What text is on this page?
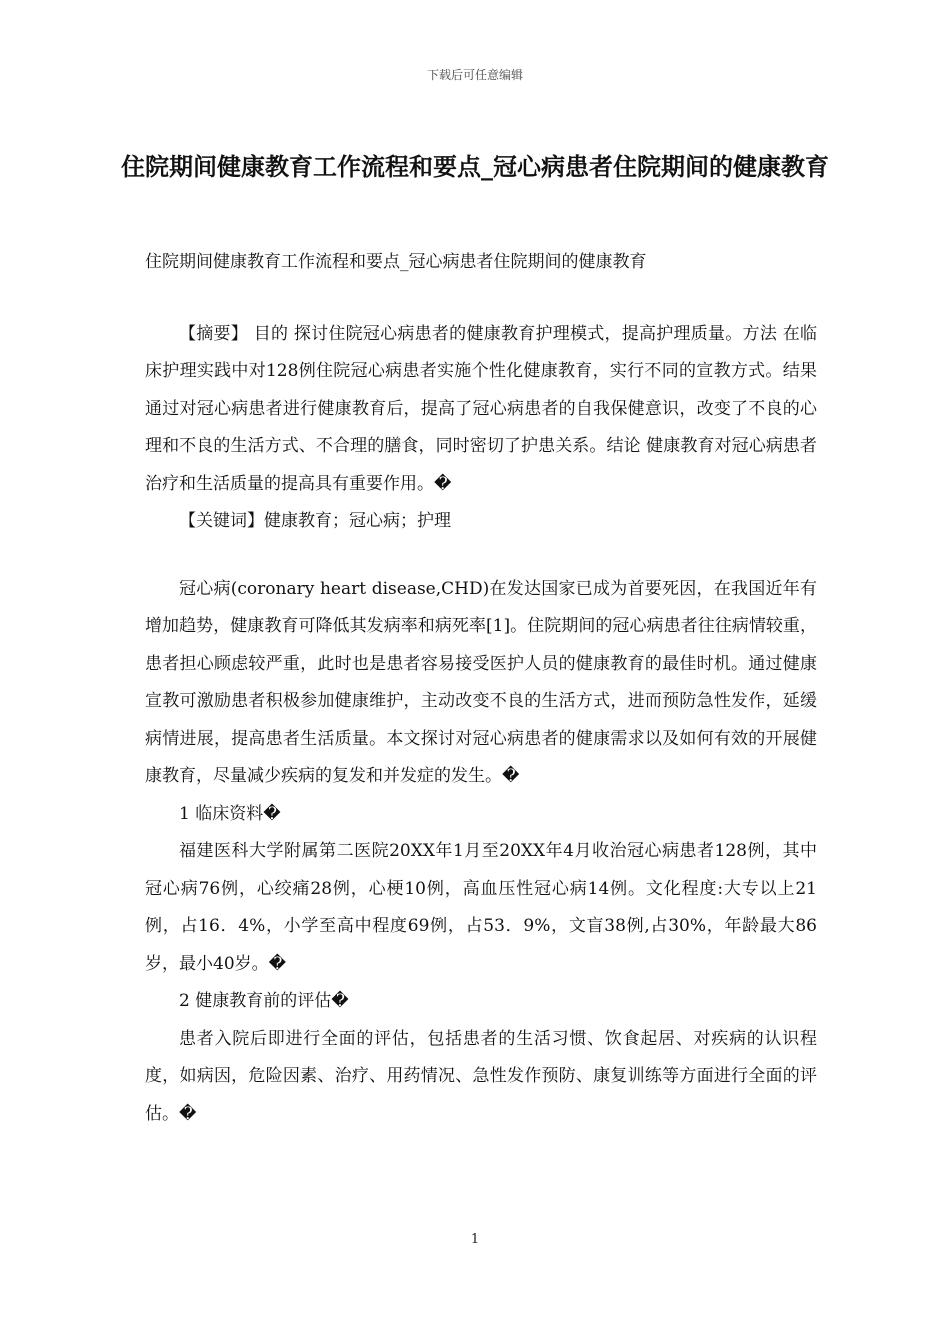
下载后可任意编辑
住院期间健康教育工作流程和要点_冠心病患者住院期间的健康教育

住院期间健康教育工作流程和要点_冠心病患者住院期间的健康教育

【摘要】 目的 探讨住院冠心病患者的健康教育护理模式，提高护理质量。方法 在临床护理实践中对128例住院冠心病患者实施个性化健康教育，实行不同的宣教方式。结果 通过对冠心病患者进行健康教育后，提高了冠心病患者的自我保健意识，改变了不良的心理和不良的生活方式、不合理的膳食，同时密切了护患关系。结论 健康教育对冠心病患者治疗和生活质量的提高具有重要作用。�

【关键词】健康教育；冠心病；护理

冠心病(coronary heart disease,CHD)在发达国家已成为首要死因，在我国近年有增加趋势，健康教育可降低其发病率和病死率[1]。住院期间的冠心病患者往往病情较重，患者担心顾虑较严重，此时也是患者容易接受医护人员的健康教育的最佳时机。通过健康宣教可激励患者积极参加健康维护，主动改变不良的生活方式，进而预防急性发作，延缓病情进展，提高患者生活质量。本文探讨对冠心病患者的健康需求以及如何有效的开展健康教育，尽量减少疾病的复发和并发症的发生。�

1 临床资料�

福建医科大学附属第二医院20XX年1月至20XX年4月收治冠心病患者128例，其中冠心病76例，心绞痛28例，心梗10例，高血压性冠心病14例。文化程度:大专以上21例，占16．4%，小学至高中程度69例，占53．9%，文盲38例,占30%，年龄最大86岁，最小40岁。�

2 健康教育前的评估�

患者入院后即进行全面的评估，包括患者的生活习惯、饮食起居、对疾病的认识程度，如病因，危险因素、治疗、用药情况、急性发作预防、康复训练等方面进行全面的评估。�

1
